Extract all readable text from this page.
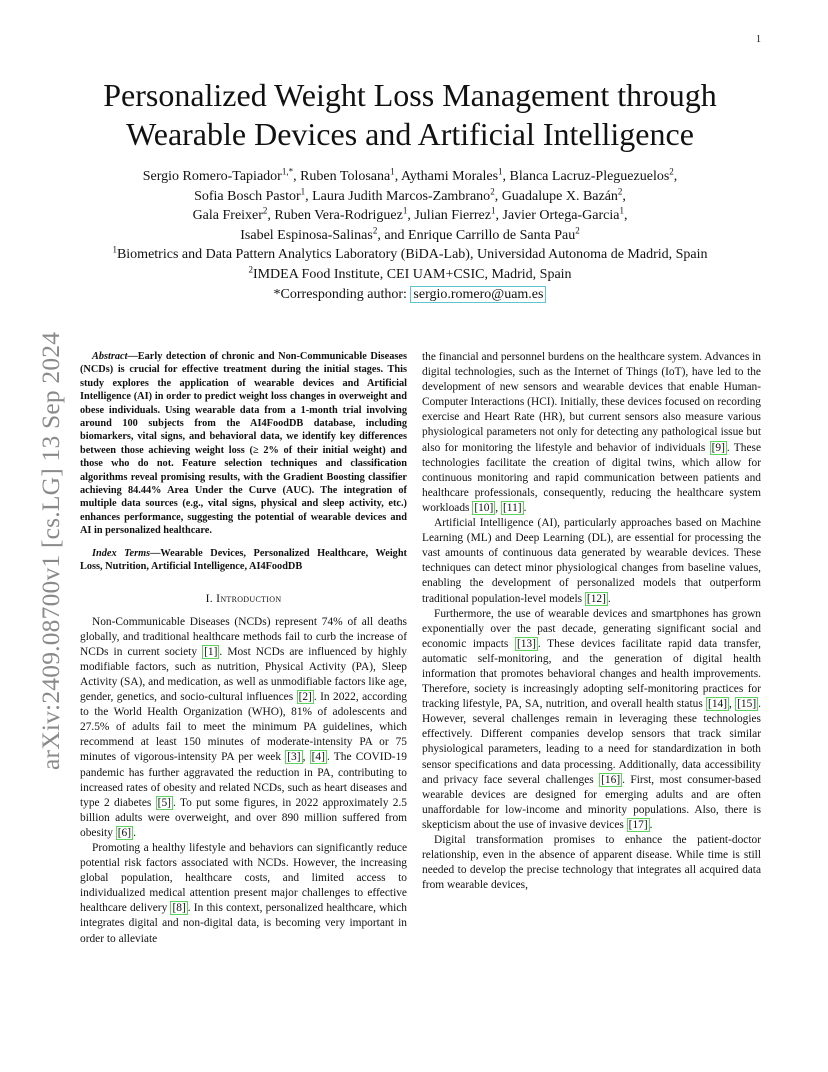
1
arXiv:2409.08700v1 [cs.LG] 13 Sep 2024
Personalized Weight Loss Management through
Wearable Devices and Artificial Intelligence
Sergio Romero-Tapiador$^{1,*}$, Ruben Tolosana$^1$, Aythami Morales$^1$, Blanca Lacruz-Pleguezuelos$^2$,
Sofia Bosch Pastor$^1$, Laura Judith Marcos-Zambrano$^2$, Guadalupe X. Bazán$^2$,
Gala Freixer$^2$, Ruben Vera-Rodriguez$^1$, Julian Fierrez$^1$, Javier Ortega-Garcia$^1$,
Isabel Espinosa-Salinas$^2$, and Enrique Carrillo de Santa Pau$^2$
$^1$Biometrics and Data Pattern Analytics Laboratory (BiDA-Lab), Universidad Autonoma de Madrid, Spain
$^2$IMDEA Food Institute, CEI UAM+CSIC, Madrid, Spain
*Corresponding author: sergio.romero@uam.es

Abstract—Early detection of chronic and Non-Communicable Diseases (NCDs) is crucial for effective treatment during the initial stages. This study explores the application of wearable devices and Artificial Intelligence (AI) in order to predict weight loss changes in overweight and obese individuals. Using wearable data from a 1-month trial involving around 100 subjects from the AI4FoodDB database, including biomarkers, vital signs, and behavioral data, we identify key differences between those achieving weight loss (≥ 2% of their initial weight) and those who do not. Feature selection techniques and classification algorithms reveal promising results, with the Gradient Boosting classifier achieving 84.44% Area Under the Curve (AUC). The integration of multiple data sources (e.g., vital signs, physical and sleep activity, etc.) enhances performance, suggesting the potential of wearable devices and AI in personalized healthcare.

Index Terms—Wearable Devices, Personalized Healthcare, Weight Loss, Nutrition, Artificial Intelligence, AI4FoodDB

I. Introduction

Non-Communicable Diseases (NCDs) represent 74% of all deaths globally, and traditional healthcare methods fail to curb the increase of NCDs in current society [1] . Most NCDs are influenced by highly modifiable factors, such as nutrition, Physical Activity (PA), Sleep Activity (SA), and medication, as well as unmodifiable factors like age, gender, genetics, and socio-cultural influences [2] . In 2022, according to the World Health Organization (WHO), 81% of adolescents and 27.5% of adults fail to meet the minimum PA guidelines, which recommend at least 150 minutes of moderate-intensity PA or 75 minutes of vigorous-intensity PA per week [3] , [4] . The COVID-19 pandemic has further aggravated the reduction in PA, contributing to increased rates of obesity and related NCDs, such as heart diseases and type 2 diabetes [5] . To put some figures, in 2022 approximately 2.5 billion adults were overweight, and over 890 million suffered from obesity [6] .

Promoting a healthy lifestyle and behaviors can significantly reduce potential risk factors associated with NCDs. However, the increasing global population, healthcare costs, and limited access to individualized medical attention present major challenges to effective healthcare delivery [8] . In this context, personalized healthcare, which integrates digital and non-digital data, is becoming very important in order to alleviate

the financial and personnel burdens on the healthcare system. Advances in digital technologies, such as the Internet of Things (IoT), have led to the development of new sensors and wearable devices that enable Human-Computer Interactions (HCI). Initially, these devices focused on recording exercise and Heart Rate (HR), but current sensors also measure various physiological parameters not only for detecting any pathological issue but also for monitoring the lifestyle and behavior of individuals [9] . These technologies facilitate the creation of digital twins, which allow for continuous monitoring and rapid communication between patients and healthcare professionals, consequently, reducing the healthcare system workloads [10] , [11] .

Artificial Intelligence (AI), particularly approaches based on Machine Learning (ML) and Deep Learning (DL), are essential for processing the vast amounts of continuous data generated by wearable devices. These techniques can detect minor physiological changes from baseline values, enabling the development of personalized models that outperform traditional population-level models [12] .

Furthermore, the use of wearable devices and smartphones has grown exponentially over the past decade, generating significant social and economic impacts [13] . These devices facilitate rapid data transfer, automatic self-monitoring, and the generation of digital health information that promotes behavioral changes and health improvements. Therefore, society is increasingly adopting self-monitoring practices for tracking lifestyle, PA, SA, nutrition, and overall health status [14] , [15] . However, several challenges remain in leveraging these technologies effectively. Different companies develop sensors that track similar physiological parameters, leading to a need for standardization in both sensor specifications and data processing. Additionally, data accessibility and privacy face several challenges [16] . First, most consumer-based wearable devices are designed for emerging adults and are often unaffordable for low-income and minority populations. Also, there is skepticism about the use of invasive devices [17] .

Digital transformation promises to enhance the patient-doctor relationship, even in the absence of apparent disease. While time is still needed to develop the precise technology that integrates all acquired data from wearable devices,
